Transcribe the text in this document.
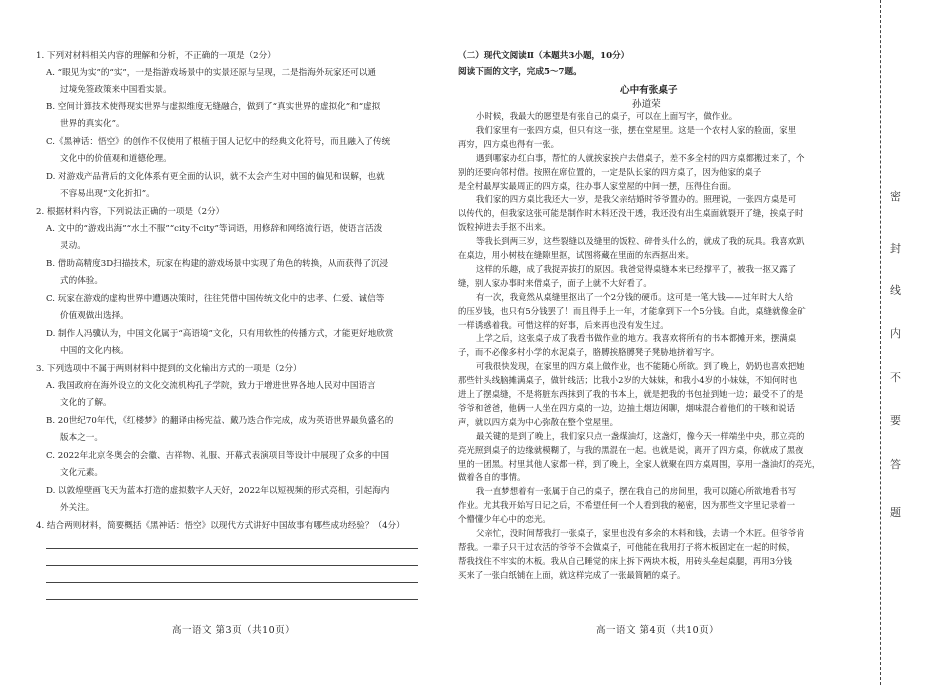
1. 下列对材料相关内容的理解和分析，不正确的一项是（2分）
A. “眼见为实”的“实”，一是指游戏场景中的实景还原与呈现，二是指海外玩家还可以通
过境免签政策来中国看实景。
B. 空间计算技术使得现实世界与虚拟维度无缝融合，做到了“真实世界的虚拟化”和“虚拟
世界的真实化”。
C.《黑神话：悟空》的创作不仅使用了根植于国人记忆中的经典文化符号，而且融入了传统
文化中的价值观和道德伦理。
D. 对游戏产品背后的文化体系有更全面的认识，就不太会产生对中国的偏见和误解，也就
不容易出现“文化折扣”。
2. 根据材料内容，下列说法正确的一项是（2分）
A. 文中的“游戏出海”“水土不服”“city不city”等词语，用修辞和网络流行语，使语言活泼
灵动。
B. 借助高精度3D扫描技术，玩家在构建的游戏场景中实现了角色的转换，从而获得了沉浸
式的体验。
C. 玩家在游戏的虚构世界中遭遇决策时，往往凭借中国传统文化中的忠孝、仁爱、诚信等
价值观做出选择。
D. 制作人冯骥认为，中国文化属于“高语境”文化，只有用软性的传播方式，才能更好地欣赏
中国的文化内核。
3. 下列选项中不属于两则材料中提到的文化输出方式的一项是（2分）
A. 我国政府在海外设立的文化交流机构孔子学院，致力于增进世界各地人民对中国语言
文化的了解。
B. 20世纪70年代，《红楼梦》的翻译由杨宪益、戴乃迭合作完成，成为英语世界最负盛名的
版本之一。
C. 2022年北京冬奥会的会徽、吉祥物、礼服、开幕式表演项目等设计中展现了众多的中国
文化元素。
D. 以敦煌壁画飞天为蓝本打造的虚拟数字人天好，2022年以短视频的形式亮相，引起海内
外关注。
4. 结合两则材料，简要概括《黑神话：悟空》以现代方式讲好中国故事有哪些成功经验？（4分）
高一语文 第3页（共10页）
（二）现代文阅读Ⅱ（本题共3小题，10分）
阅读下面的文字，完成5～7题。
心中有张桌子
孙道荣
小时候，我最大的愿望是有张自己的桌子，可以在上面写字，做作业。
我们家里有一张四方桌，但只有这一张，摆在堂屋里。这是一个农村人家的脸面，家里
再穷，四方桌也得有一张。
遇到哪家办红白事，帮忙的人就挨家挨户去借桌子，差不多全村的四方桌都搬过来了，个
别的还要向邻村借。按照在席位置的，一定是队长家的四方桌了，因为他家的桌子
是全村最厚实最周正的四方桌，往办事人家堂屋的中间一摆，压得住台面。
我们家的四方桌比我还大一岁，是我父亲结婚时爷爷置办的。照理说，一张四方桌是可
以传代的，但我家这张可能是制作时木料还没干透，我还没有出生桌面就裂开了缝，挨桌子时
饭粒掉进去手抠不出来。
等我长到两三岁，这些裂缝以及缝里的饭粒、碎骨头什么的，就成了我的玩具。我喜欢趴
在桌边，用小树枝在缝隙里抠，试图将藏在里面的东西抠出来。
这样的乐趣，成了我捉弄拔打的原因。我爸觉得桌缝本来已经撑平了，被我一抠又露了
缝，别人家办事时来借桌子，面子上就不大好看了。
有一次，我竟然从桌缝里抠出了一个2分钱的硬币。这可是一笔大钱——过年时大人给
的压岁钱，也只有5分钱罢了！而且得手上一年，才能拿到下一个5分钱。自此，桌缝就像金矿
一样诱惑着我。可惜这样的好事，后来再也没有发生过。
上学之后，这张桌子成了我看书做作业的地方。我喜欢将所有的书本都摊开来，摆满桌
子，而不必像多村小学的水泥桌子，胳膊挨胳膊凳子凳胁地挤着写字。
可我很快发现，在家里的四方桌上做作业，也不能随心所欲。到了晚上，奶奶也喜欢把她
那些针头线脑摊满桌子，做针线活；比我小2岁的大妹妹，和我小4岁的小妹妹，不知何时也
进上了摆桌缝，不是将脏东西抹到了我的书本上，就是把我的书包扯到她一边；最受不了的是
爷爷和爸爸，他俩一人坐在四方桌的一边，边抽土烟边闲聊，烟味混合着他们的干咳和说话
声，就以四方桌为中心弥散在整个堂屋里。
最关键的是到了晚上，我们家只点一盏煤油灯，这盏灯，像今天一样端坐中央，那立亮的
亮光照到桌子的边缘就模糊了，与我的黑混在一起。也就是说，离开了四方桌，你就成了黑夜
里的一团黑。村里其他人家都一样，到了晚上，全家人就聚在四方桌周围，享用一盏油灯的亮光，
做着各自的事情。
我一直梦想着有一张属于自己的桌子，摆在我自己的房间里，我可以随心所欲地看书写
作业。尤其我开始写日记之后，不希望任何一个人看到我的秘密，因为那些文字里记录着一
个懵懂少年心中的恋光。
父亲忙，没时间帮我打一张桌子，家里也没有多余的木料和钱，去请一个木匠。但爷爷肯
帮我。一辈子只干过农活的爷爷不会做桌子，可他能在我用打子将木板固定在一起的时候，
帮我找住不牢实的木板。我从自己睡觉的床上拆下两块木板，用砖头垒起桌腿，再用3分钱
买来了一张白纸铺在上面，就这样完成了一张最简陋的桌子。
高一语文 第4页（共10页）
密
封
线
内
不
要
答
题
